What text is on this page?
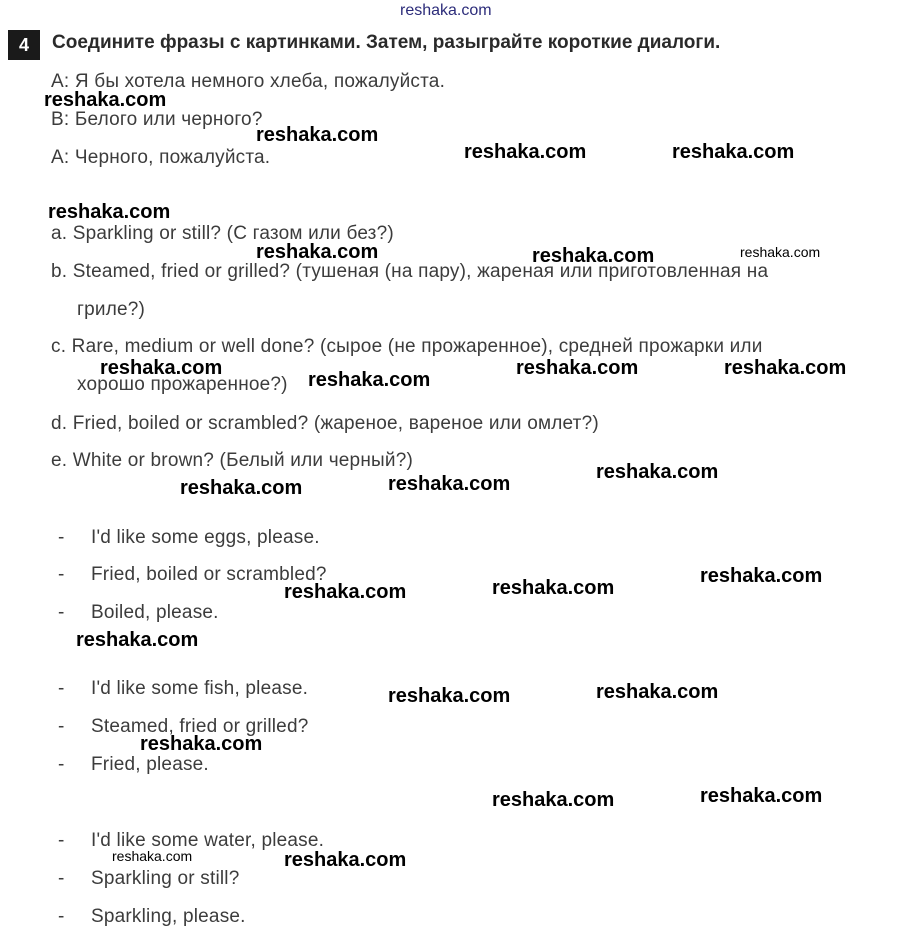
reshaka.com
4	Соедините фразы с картинками. Затем, разыграйте короткие диалоги.
A: Я бы хотела немного хлеба, пожалуйста.
B: Белого или черного?
A: Черного, пожалуйста.
a. Sparkling or still? (С газом или без?)
b. Steamed, fried or grilled? (тушеная (на пару), жареная или приготовленная на
гриле?)
c. Rare, medium or well done? (сырое (не прожаренное), средней прожарки или
хорошо прожаренное?)
d. Fried, boiled or scrambled? (жареное, вареное или омлет?)
e. White or brown? (Белый или черный?)
- I'd like some eggs, please.
- Fried, boiled or scrambled?
- Boiled, please.
- I'd like some fish, please.
- Steamed, fried or grilled?
- Fried, please.
- I'd like some water, please.
- Sparkling or still?
- Sparkling, please.
reshaka.com
reshaka.com
reshaka.com	reshaka.com
reshaka.com
reshaka.com	reshaka.com	reshaka.com
reshaka.com
reshaka.com
reshaka.com	reshaka.com
reshaka.com
reshaka.com	reshaka.com
reshaka.com
reshaka.com
reshaka.com
reshaka.com
reshaka.com
reshaka.com
reshaka.com
reshaka.com
reshaka.com
reshaka.com	reshaka.com
